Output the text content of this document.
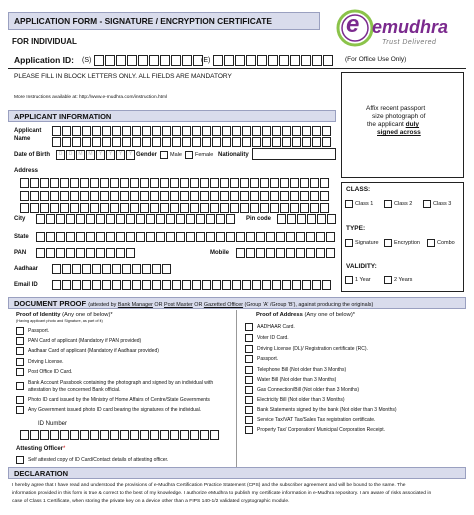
APPLICATION FORM - SIGNATURE / ENCRYPTION CERTIFICATE
FOR INDIVIDUAL
e emudhra
Trust Delivered
Application ID: (S)	(E)	(For Office Use Only)
PLEASE FILL IN BLOCK LETTERS ONLY. ALL FIELDS ARE MANDATORY
More Instructions available at: http://www.e-mudhra.com/instruction.html
Affix recent passport
size photograph of
the applicant duly
signed across
APPLICANT INFORMATION
Applicant
Name
Date of Birth	D	D	M	M	Y	Y	Y	Y Gender Male Female Nationality
Address
City	Pin code
State
PAN	Mobile
Aadhaar
Email ID
CLASS:
Class 1	Class 2	Class 3
TYPE:
Signature	Encryption	Combo
VALIDITY:
1 Year	2 Years
DOCUMENT PROOF (attested by Bank Manager OR Post Master OR Gazetted Officer (Group 'A' /Group 'B'), against producing the originals)
Proof of Identity (Any one of below)*
(Having applicant photo and Signature, as part of it)
Passport.
PAN Card of applicant (Mandatory if PAN provided)
Aadhaar Card of applicant (Mandatory if Aadhaar provided)
Driving License.
Post Office ID Card.
Bank Account Passbook containing the photograph and signed by an individual with attestation by the concerned Bank official.
Photo ID card issued by the Ministry of Home Affairs of Centre/State Governments
Any Government issued photo ID card bearing the signatures of the individual.
ID Number
Attesting Officer*
Self attested copy of ID Card/Contact details of attesting officer.
Proof of Address (Any one of below)*
AADHAAR Card.
Voter ID Card.
Driving License (DL)/ Registration certificate (RC).
Passport.
Telephone Bill (Not older than 3 Months)
Water Bill (Not older than 3 Months)
Gas Connection/Bill (Not older than 3 Months)
Electricity Bill (Not older than 3 Months)
Bank Statements signed by the bank (Not older than 3 Months)
Service Tax/VAT Tax/Sales Tax registration certificate.
Property Tax/ Corporation/ Municipal Corporation Receipt.
DECLARATION
I hereby agree that I have read and understood the provisions of e-Mudhra Certification Practice Statement (CPS) and the subscriber agreement and will be bound to the same. The
information provided in this form is true & correct to the best of my knowledge. I authorize eMudhra to publish my certificate information in e-Mudhra repository. I am aware of risks associated in
case of Class 1 Certificate, when storing the private key on a device other than a FIPS 140-1/2 validated cryptographic module.
